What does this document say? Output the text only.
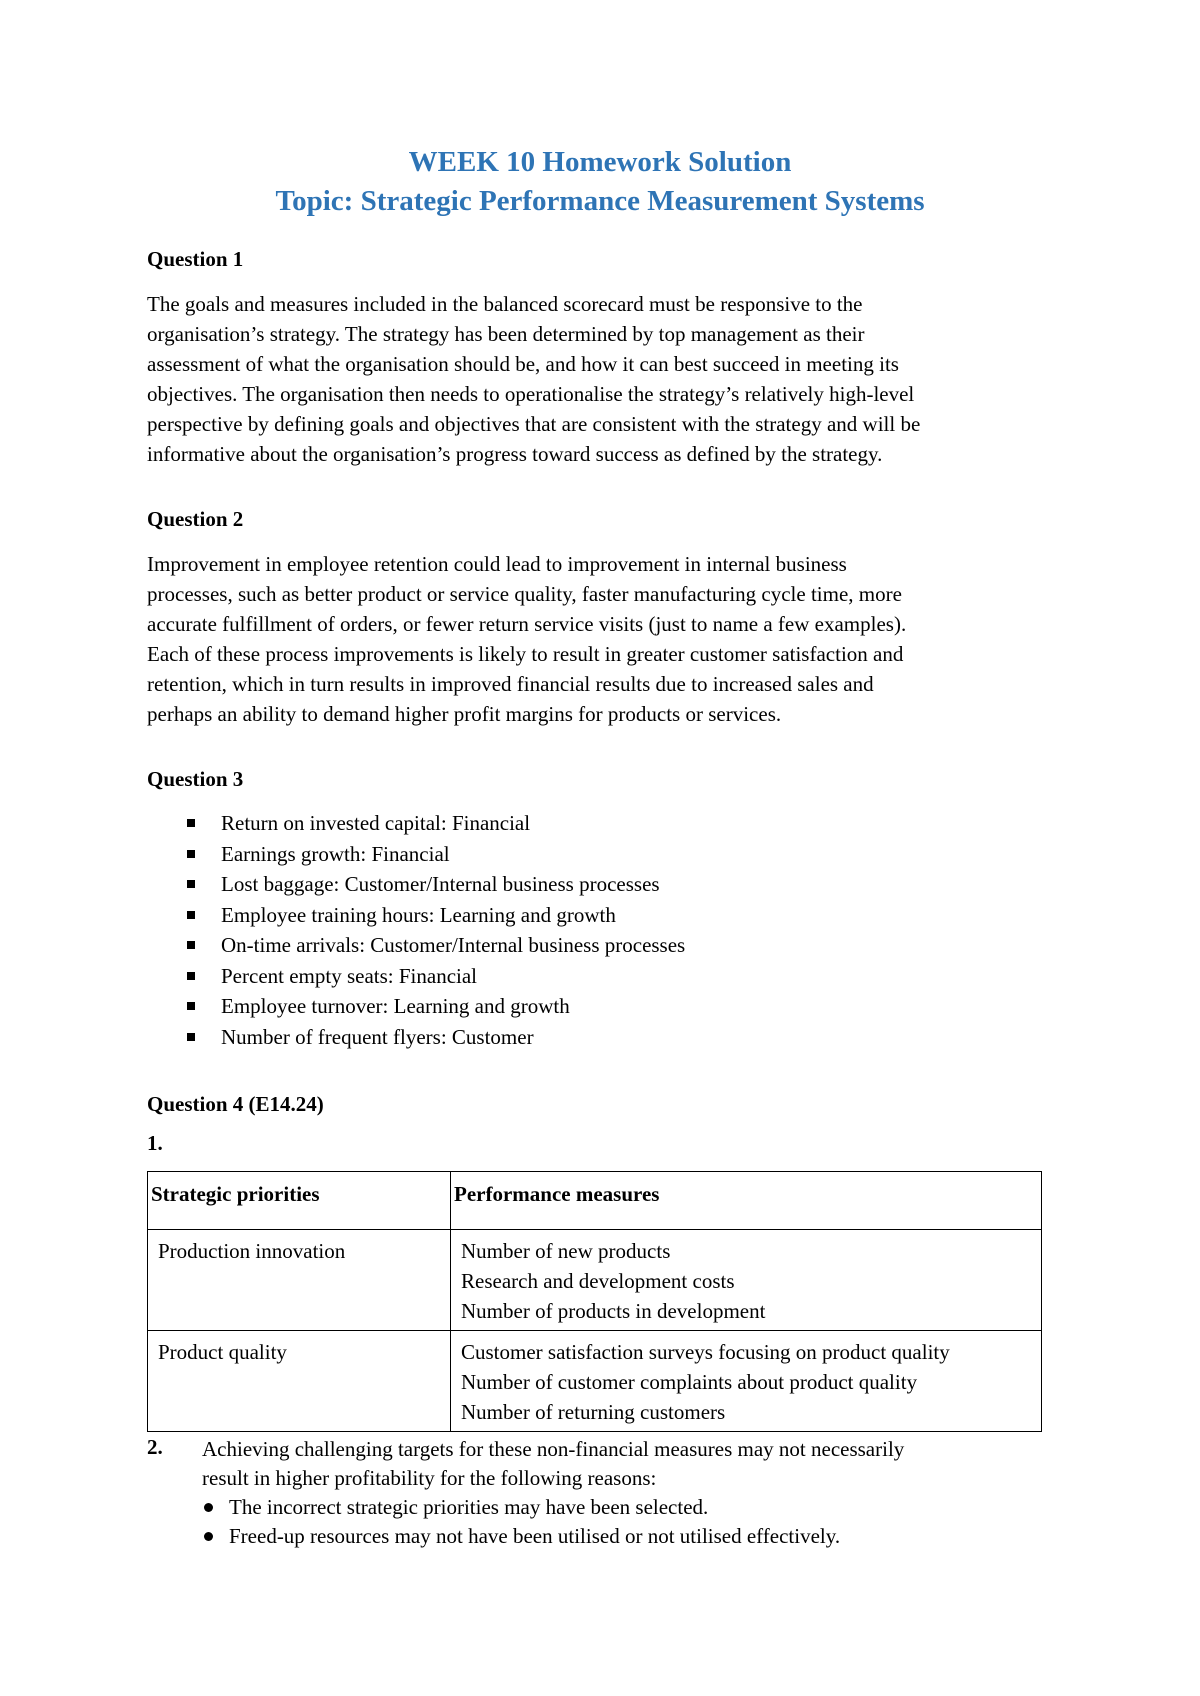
WEEK 10 Homework Solution
Topic: Strategic Performance Measurement Systems
Question 1
The goals and measures included in the balanced scorecard must be responsive to the
organisation’s strategy. The strategy has been determined by top management as their
assessment of what the organisation should be, and how it can best succeed in meeting its
objectives. The organisation then needs to operationalise the strategy’s relatively high-level
perspective by defining goals and objectives that are consistent with the strategy and will be
informative about the organisation’s progress toward success as defined by the strategy.
Question 2
Improvement in employee retention could lead to improvement in internal business
processes, such as better product or service quality, faster manufacturing cycle time, more
accurate fulfillment of orders, or fewer return service visits (just to name a few examples).
Each of these process improvements is likely to result in greater customer satisfaction and
retention, which in turn results in improved financial results due to increased sales and
perhaps an ability to demand higher profit margins for products or services.
Question 3
Return on invested capital: Financial
Earnings growth: Financial
Lost baggage: Customer/Internal business processes
Employee training hours: Learning and growth
On-time arrivals: Customer/Internal business processes
Percent empty seats: Financial
Employee turnover: Learning and growth
Number of frequent flyers: Customer
Question 4 (E14.24)
1.
Strategic priorities	Performance measures
Production innovation	Number of new products
Research and development costs
Number of products in development

Product quality	Customer satisfaction surveys focusing on product quality
Number of customer complaints about product quality
Number of returning customers
2. Achieving challenging targets for these non-financial measures may not necessarily
result in higher profitability for the following reasons:
The incorrect strategic priorities may have been selected.
Freed-up resources may not have been utilised or not utilised effectively.
